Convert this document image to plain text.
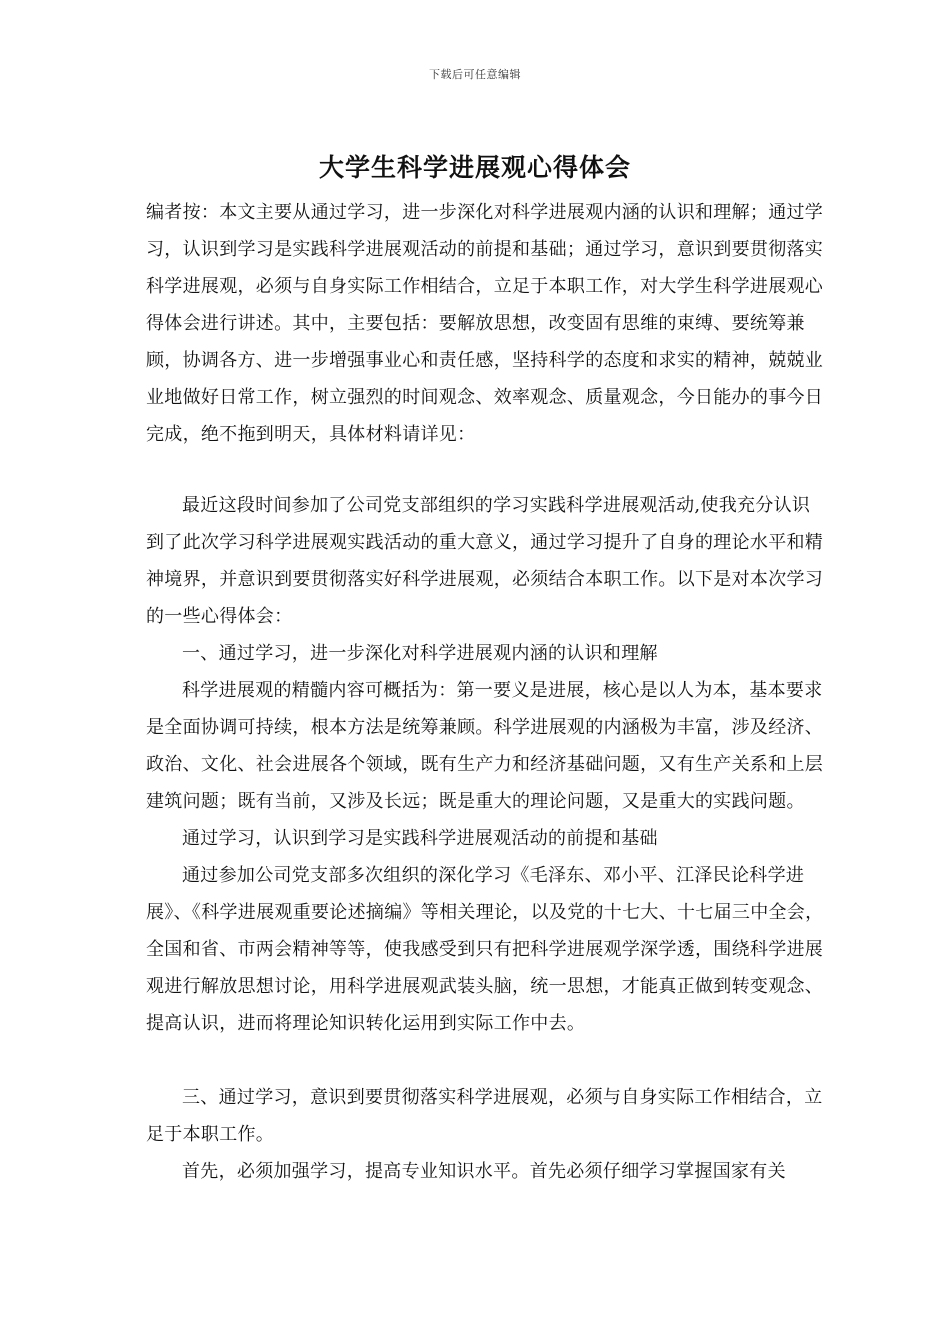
下载后可任意编辑
大学生科学进展观心得体会

编者按：本文主要从通过学习，进一步深化对科学进展观内涵的认识和理解；通过学习，认识到学习是实践科学进展观活动的前提和基础；通过学习，意识到要贯彻落实科学进展观，必须与自身实际工作相结合，立足于本职工作，对大学生科学进展观心得体会进行讲述。其中，主要包括：要解放思想，改变固有思维的束缚、要统筹兼顾，协调各方、进一步增强事业心和责任感，坚持科学的态度和求实的精神，兢兢业业地做好日常工作，树立强烈的时间观念、效率观念、质量观念，今日能办的事今日完成，绝不拖到明天，具体材料请详见：

最近这段时间参加了公司党支部组织的学习实践科学进展观活动,使我充分认识到了此次学习科学进展观实践活动的重大意义，通过学习提升了自身的理论水平和精神境界，并意识到要贯彻落实好科学进展观，必须结合本职工作。以下是对本次学习的一些心得体会：

一、通过学习，进一步深化对科学进展观内涵的认识和理解

科学进展观的精髓内容可概括为：第一要义是进展，核心是以人为本，基本要求是全面协调可持续，根本方法是统筹兼顾。科学进展观的内涵极为丰富，涉及经济、政治、文化、社会进展各个领域，既有生产力和经济基础问题，又有生产关系和上层建筑问题；既有当前，又涉及长远；既是重大的理论问题，又是重大的实践问题。

通过学习，认识到学习是实践科学进展观活动的前提和基础

通过参加公司党支部多次组织的深化学习《毛泽东、邓小平、江泽民论科学进展》、《科学进展观重要论述摘编》等相关理论，以及党的十七大、十七届三中全会，全国和省、市两会精神等等，使我感受到只有把科学进展观学深学透，围绕科学进展观进行解放思想讨论，用科学进展观武装头脑，统一思想，才能真正做到转变观念、提高认识，进而将理论知识转化运用到实际工作中去。

三、通过学习，意识到要贯彻落实科学进展观，必须与自身实际工作相结合，立足于本职工作。

首先，必须加强学习，提高专业知识水平。首先必须仔细学习掌握国家有关
